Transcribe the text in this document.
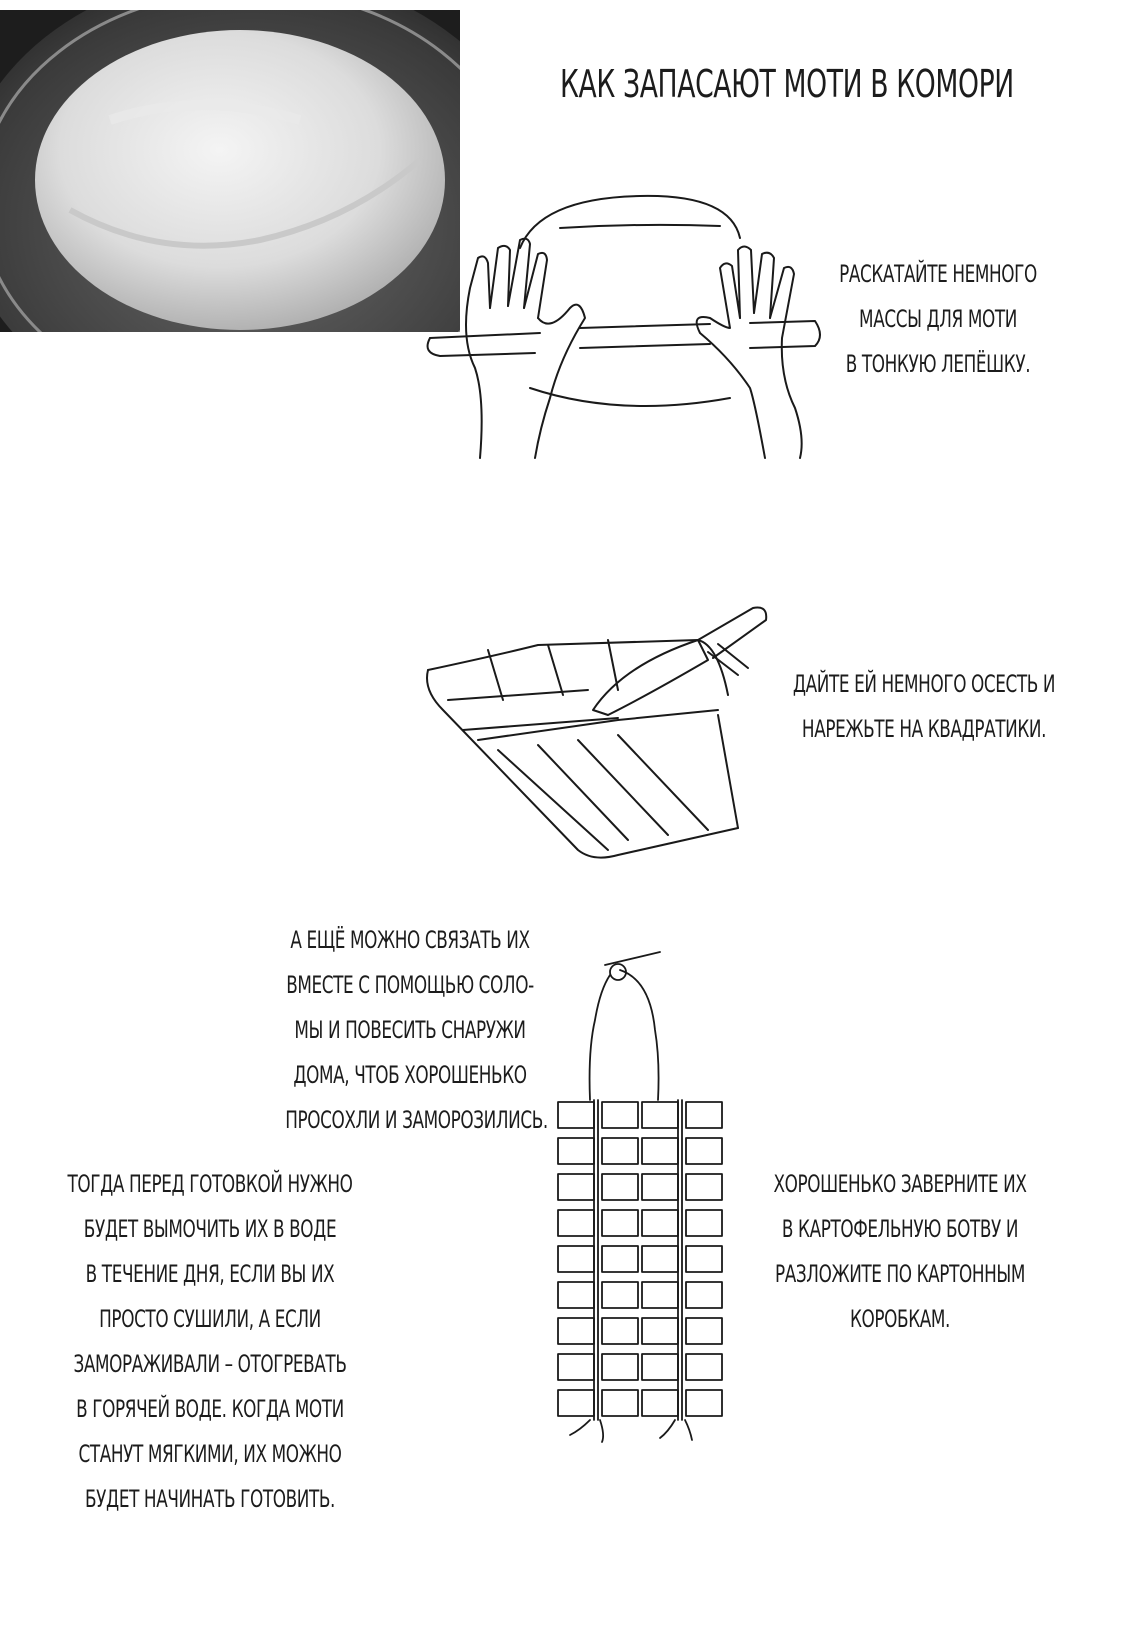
КАК ЗАПАСАЮТ МОТИ В КОМОРИ

РАСКАТАЙТЕ НЕМНОГО

МАССЫ ДЛЯ МОТИ

В ТОНКУЮ ЛЕПЁШКУ.

ДАЙТЕ ЕЙ НЕМНОГО ОСЕСТЬ И

НАРЕЖЬТЕ НА КВАДРАТИКИ.

А ЕЩЁ МОЖНО СВЯЗАТЬ ИХ

ВМЕСТЕ С ПОМОЩЬЮ СОЛО-

МЫ И ПОВЕСИТЬ СНАРУЖИ

ДОМА, ЧТОБ ХОРОШЕНЬКО

ПРОСОХЛИ И ЗАМОРОЗИЛИСЬ.

ХОРОШЕНЬКО ЗАВЕРНИТЕ ИХ

В КАРТОФЕЛЬНУЮ БОТВУ И

РАЗЛОЖИТЕ ПО КАРТОННЫМ

КОРОБКАМ.

ТОГДА ПЕРЕД ГОТОВКОЙ НУЖНО

БУДЕТ ВЫМОЧИТЬ ИХ В ВОДЕ

В ТЕЧЕНИЕ ДНЯ, ЕСЛИ ВЫ ИХ

ПРОСТО СУШИЛИ, А ЕСЛИ

ЗАМОРАЖИВАЛИ – ОТОГРЕВАТЬ

В ГОРЯЧЕЙ ВОДЕ. КОГДА МОТИ

СТАНУТ МЯГКИМИ, ИХ МОЖНО

БУДЕТ НАЧИНАТЬ ГОТОВИТЬ.
